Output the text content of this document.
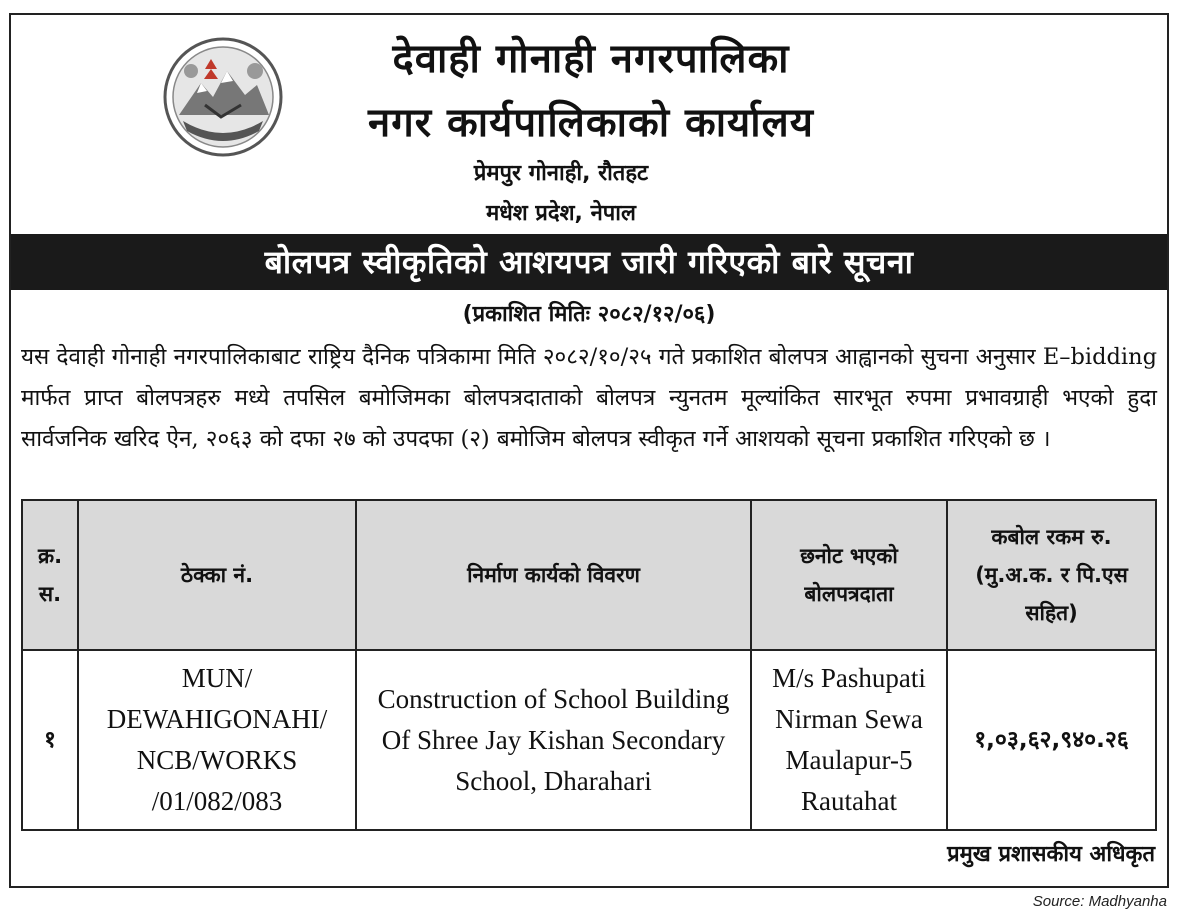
देवाही गोनाही नगरपालिका
नगर कार्यपालिकाको कार्यालय
प्रेमपुर गोनाही, रौतहट
मधेश प्रदेश, नेपाल
बोलपत्र स्वीकृतिको आशयपत्र जारी गरिएको बारे सूचना
(प्रकाशित मितिः २०८२/१२/०६)
यस देवाही गोनाही नगरपालिकाबाट राष्ट्रिय दैनिक पत्रिकामा मिति २०८२/१०/२५ गते प्रकाशित बोलपत्र आह्वानको सुचना अनुसार E–bidding मार्फत प्राप्त बोलपत्रहरु मध्ये तपसिल बमोजिमका बोलपत्रदाताको बोलपत्र न्युनतम मूल्यांकित सारभूत रुपमा प्रभावग्राही भएको हुदा सार्वजनिक खरिद ऐन, २०६३ को दफा २७ को उपदफा (२) बमोजिम बोलपत्र स्वीकृत गर्ने आशयको सूचना प्रकाशित गरिएको छ ।
क्र. स.	ठेक्का नं.	निर्माण कार्यको विवरण	छनोट भएको बोलपत्रदाता	कबोल रकम रु.(मु.अ.क. र पि.एस सहित)
१	MUN/ DEWAHIGONAHI/ NCB/WORKS /01/082/083	Construction of School Building Of Shree Jay Kishan Secondary School, Dharahari	M/s Pashupati Nirman Sewa Maulapur-5 Rautahat	१,०३,६२,९४०.२६
प्रमुख प्रशासकीय अधिकृत
Source: Madhyanha
